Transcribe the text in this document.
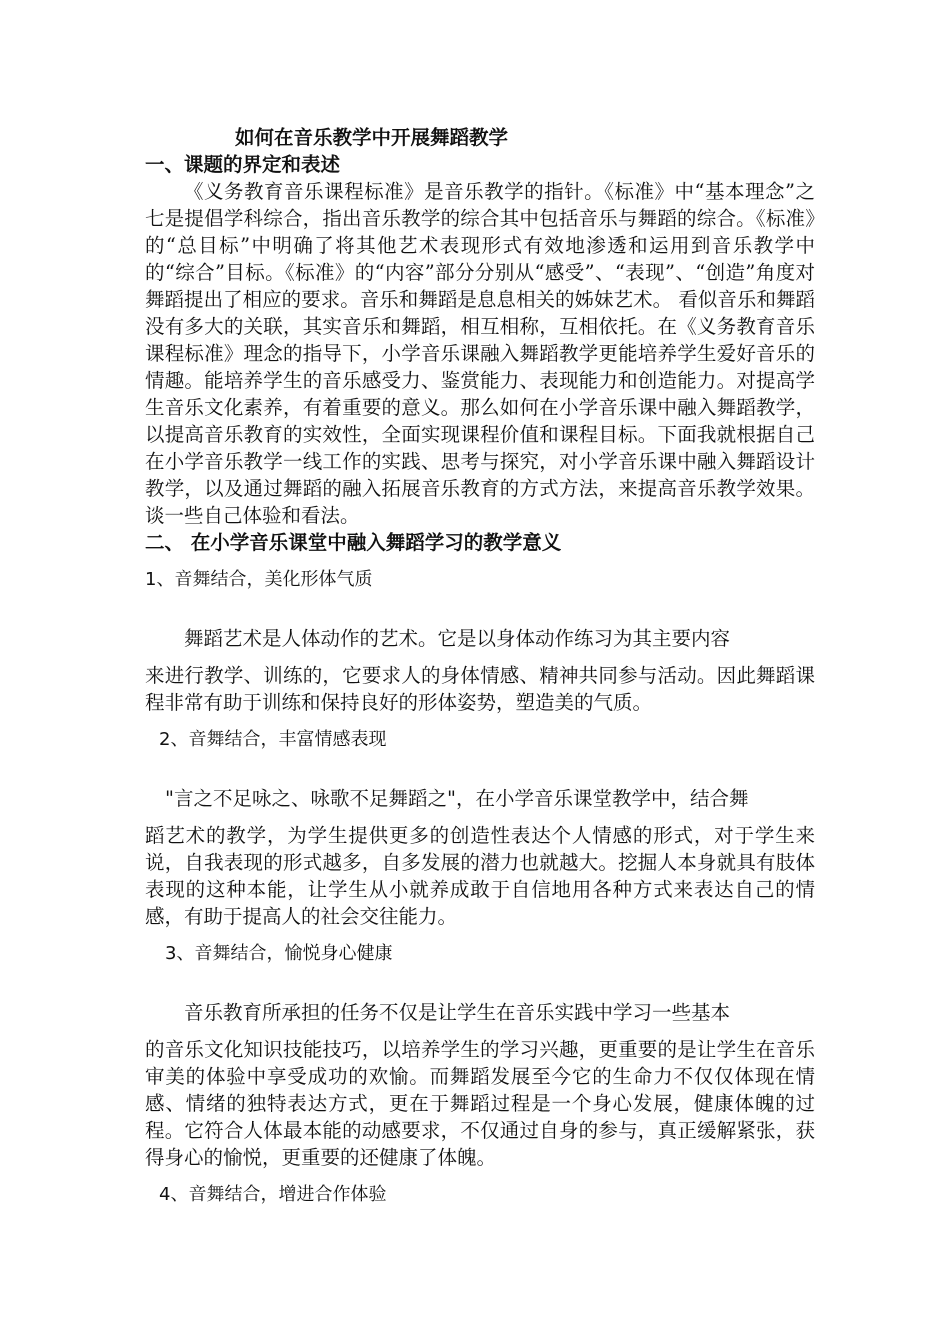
如何在音乐教学中开展舞蹈教学
一、课题的界定和表述

《义务教育音乐课程标准》是音乐教学的指针。《标准》中“基本理念”之七是提倡学科综合，指出音乐教学的综合其中包括音乐与舞蹈的综合。《标准》的“总目标”中明确了将其他艺术表现形式有效地渗透和运用到音乐教学中的“综合”目标。《标准》的“内容”部分分别从“感受”、“表现”、“创造”角度对舞蹈提出了相应的要求。音乐和舞蹈是息息相关的姊妹艺术。 看似音乐和舞蹈没有多大的关联，其实音乐和舞蹈，相互相称，互相依托。在《义务教育音乐课程标准》理念的指导下，小学音乐课融入舞蹈教学更能培养学生爱好音乐的情趣。能培养学生的音乐感受力、鉴赏能力、表现能力和创造能力。对提高学生音乐文化素养，有着重要的意义。那么如何在小学音乐课中融入舞蹈教学，以提高音乐教育的实效性，全面实现课程价值和课程目标。下面我就根据自己在小学音乐教学一线工作的实践、思考与探究，对小学音乐课中融入舞蹈设计教学，以及通过舞蹈的融入拓展音乐教育的方式方法，来提高音乐教学效果。谈一些自己体验和看法。

二、 在小学音乐课堂中融入舞蹈学习的教学意义
1、音舞结合，美化形体气质
舞蹈艺术是人体动作的艺术。它是以身体动作练习为其主要内容
来进行教学、训练的，它要求人的身体情感、精神共同参与活动。因此舞蹈课程非常有助于训练和保持良好的形体姿势，塑造美的气质。
2、音舞结合，丰富情感表现
"言之不足咏之、咏歌不足舞蹈之"，在小学音乐课堂教学中，结合舞
蹈艺术的教学，为学生提供更多的创造性表达个人情感的形式，对于学生来说，自我表现的形式越多，自多发展的潜力也就越大。挖掘人本身就具有肢体表现的这种本能，让学生从小就养成敢于自信地用各种方式来表达自己的情感，有助于提高人的社会交往能力。
3、音舞结合，愉悦身心健康
音乐教育所承担的任务不仅是让学生在音乐实践中学习一些基本
的音乐文化知识技能技巧，以培养学生的学习兴趣，更重要的是让学生在音乐审美的体验中享受成功的欢愉。而舞蹈发展至今它的生命力不仅仅体现在情感、情绪的独特表达方式，更在于舞蹈过程是一个身心发展，健康体魄的过程。它符合人体最本能的动感要求，不仅通过自身的参与，真正缓解紧张，获得身心的愉悦，更重要的还健康了体魄。
4、音舞结合，增进合作体验
